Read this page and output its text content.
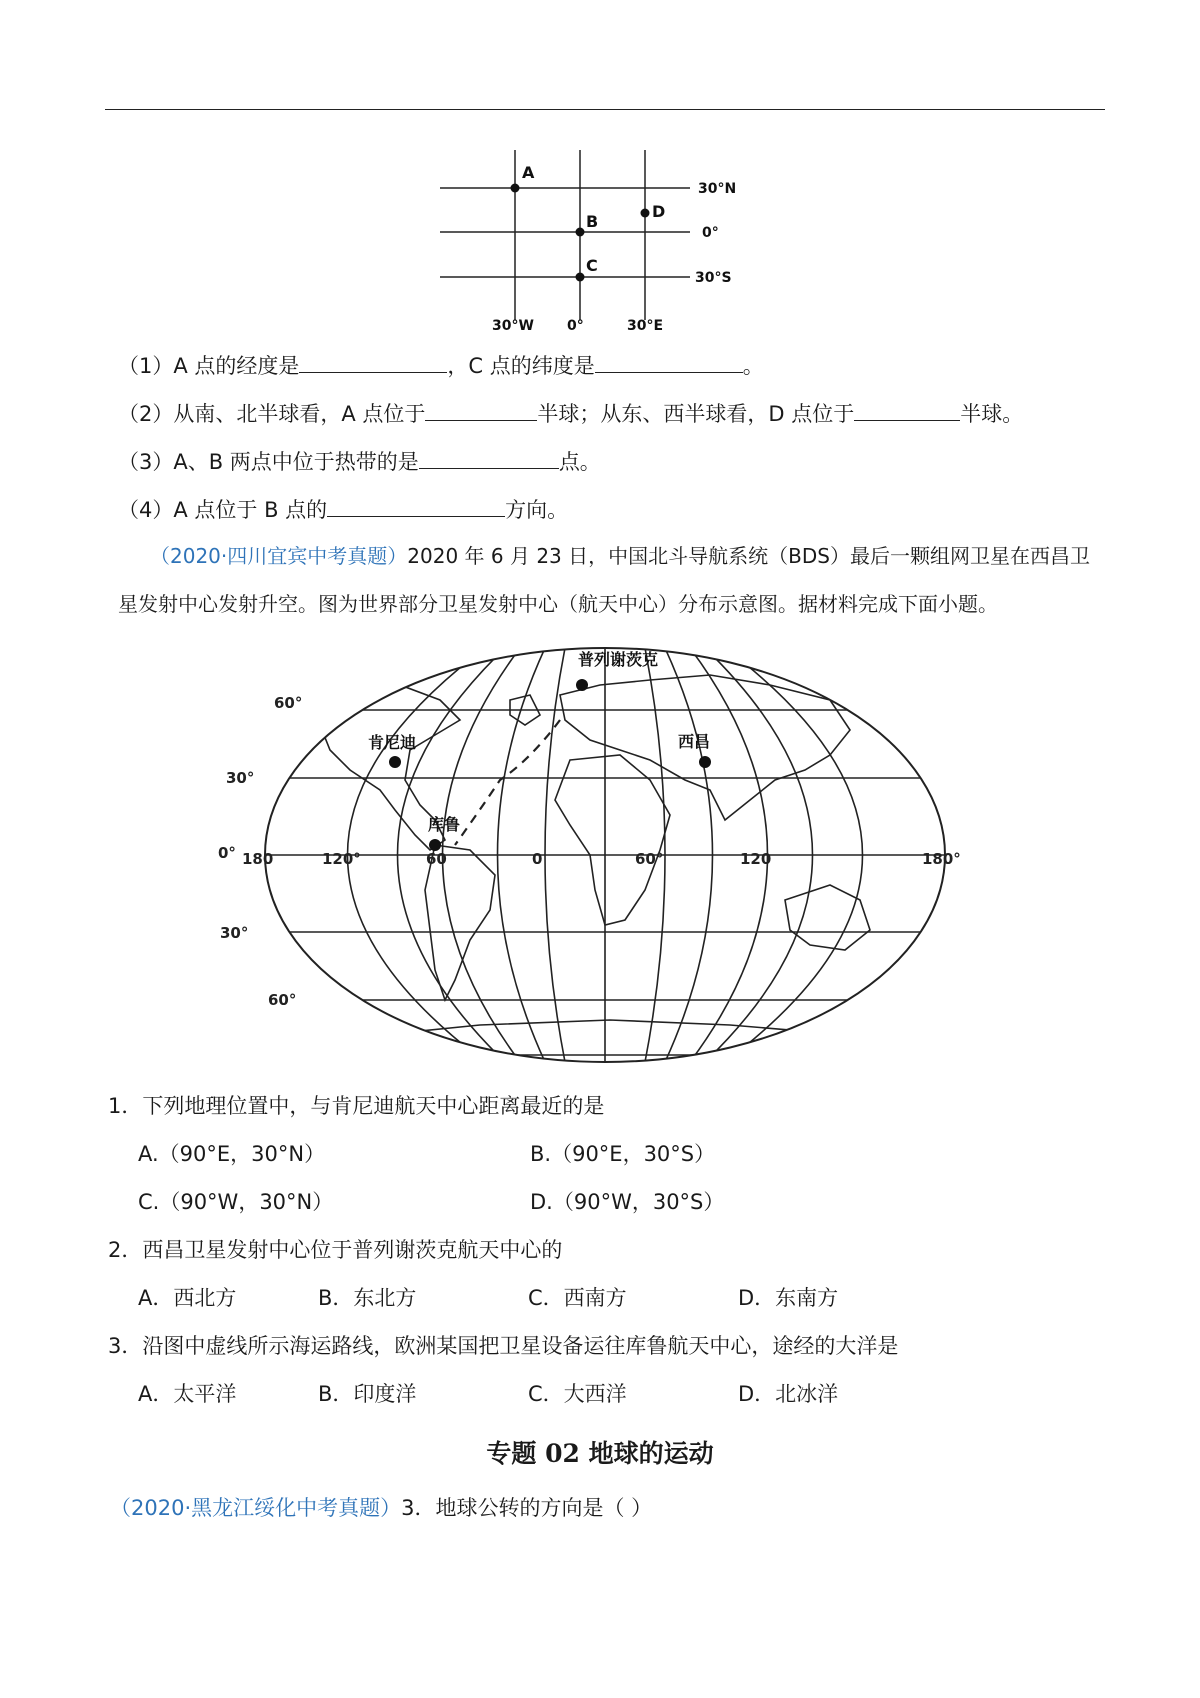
A
B
C
D
30°N
0°
30°S
30°W 0°	30°E
（1）A 点的经度是	，C 点的纬度是	。
（2）从南、北半球看，A 点位于	半球；从东、西半球看，D 点位于	半球。
（3）A、B 两点中位于热带的是	点。
（4）A 点位于 B 点的	方向。
（2020·四川宜宾中考真题）2020 年 6 月 23 日，中国北斗导航系统（BDS）最后一颗组网卫星在西昌卫
星发射中心发射升空。图为世界部分卫星发射中心（航天中心）分布示意图。据材料完成下面小题。
普列谢茨克
肯尼迪	西昌
库鲁
60°
30°
0°
30°
60°
180	120°	60	0	60°	120	180°
1．下列地理位置中，与肯尼迪航天中心距离最近的是
A.（90°E，30°N）	B.（90°E，30°S）
C.（90°W，30°N）	D.（90°W，30°S）
2．西昌卫星发射中心位于普列谢茨克航天中心的
A．西北方	B．东北方	C．西南方	D．东南方
3．沿图中虚线所示海运路线，欧洲某国把卫星设备运往库鲁航天中心，途经的大洋是
A．太平洋	B．印度洋	C．大西洋	D．北冰洋
专题 02 地球的运动
（2020·黑龙江绥化中考真题）3．地球公转的方向是（ ）
